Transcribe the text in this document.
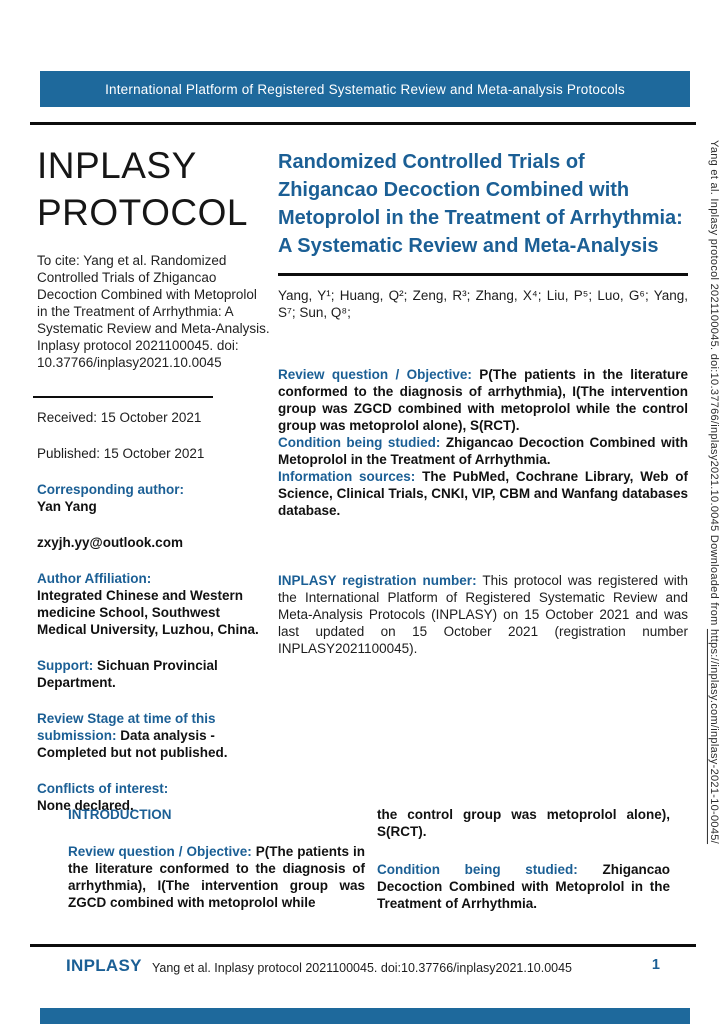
International Platform of Registered Systematic Review and Meta-analysis Protocols
INPLASY
PROTOCOL

To cite: Yang et al. Randomized Controlled Trials of Zhigancao Decoction Combined with Metoprolol in the Treatment of Arrhythmia: A Systematic Review and Meta-Analysis. Inplasy protocol 2021100045. doi: 10.37766/inplasy2021.10.0045

Received: 15 October 2021

Published: 15 October 2021

Corresponding author:
Yan Yang

zxyjh.yy@outlook.com

Author Affiliation:
Integrated Chinese and Western medicine School, Southwest Medical University, Luzhou, China.

Support: Sichuan Provincial Department.

Review Stage at time of this submission: Data analysis - Completed but not published.

Conflicts of interest:
None declared.

Randomized Controlled Trials of Zhigancao Decoction Combined with Metoprolol in the Treatment of Arrhythmia: A Systematic Review and Meta-Analysis

Yang, Y¹; Huang, Q²; Zeng, R³; Zhang, X⁴; Liu, P⁵; Luo, G⁶; Yang, S⁷; Sun, Q⁸;

Review question / Objective: P(The patients in the literature conformed to the diagnosis of arrhythmia), I(The intervention group was ZGCD combined with metoprolol while the control group was metoprolol alone), S(RCT).

Condition being studied: Zhigancao Decoction Combined with Metoprolol in the Treatment of Arrhythmia.

Information sources: The PubMed, Cochrane Library, Web of Science, Clinical Trials, CNKI, VIP, CBM and Wanfang databases database.

INPLASY registration number: This protocol was registered with the International Platform of Registered Systematic Review and Meta-Analysis Protocols (INPLASY) on 15 October 2021 and was last updated on 15 October 2021 (registration number INPLASY2021100045).

INTRODUCTION

Review question / Objective: P(The patients in the literature conformed to the diagnosis of arrhythmia), I(The intervention group was ZGCD combined with metoprolol while

the control group was metoprolol alone), S(RCT).

Condition being studied: Zhigancao Decoction Combined with Metoprolol in the Treatment of Arrhythmia.

INPLASY Yang et al. Inplasy protocol 2021100045. doi:10.37766/inplasy2021.10.0045	1
Yang et al. Inplasy protocol 2021100045. doi:10.37766/inplasy2021.10.0045 Downloaded from https://inplasy.com/inplasy-2021-10-0045/
